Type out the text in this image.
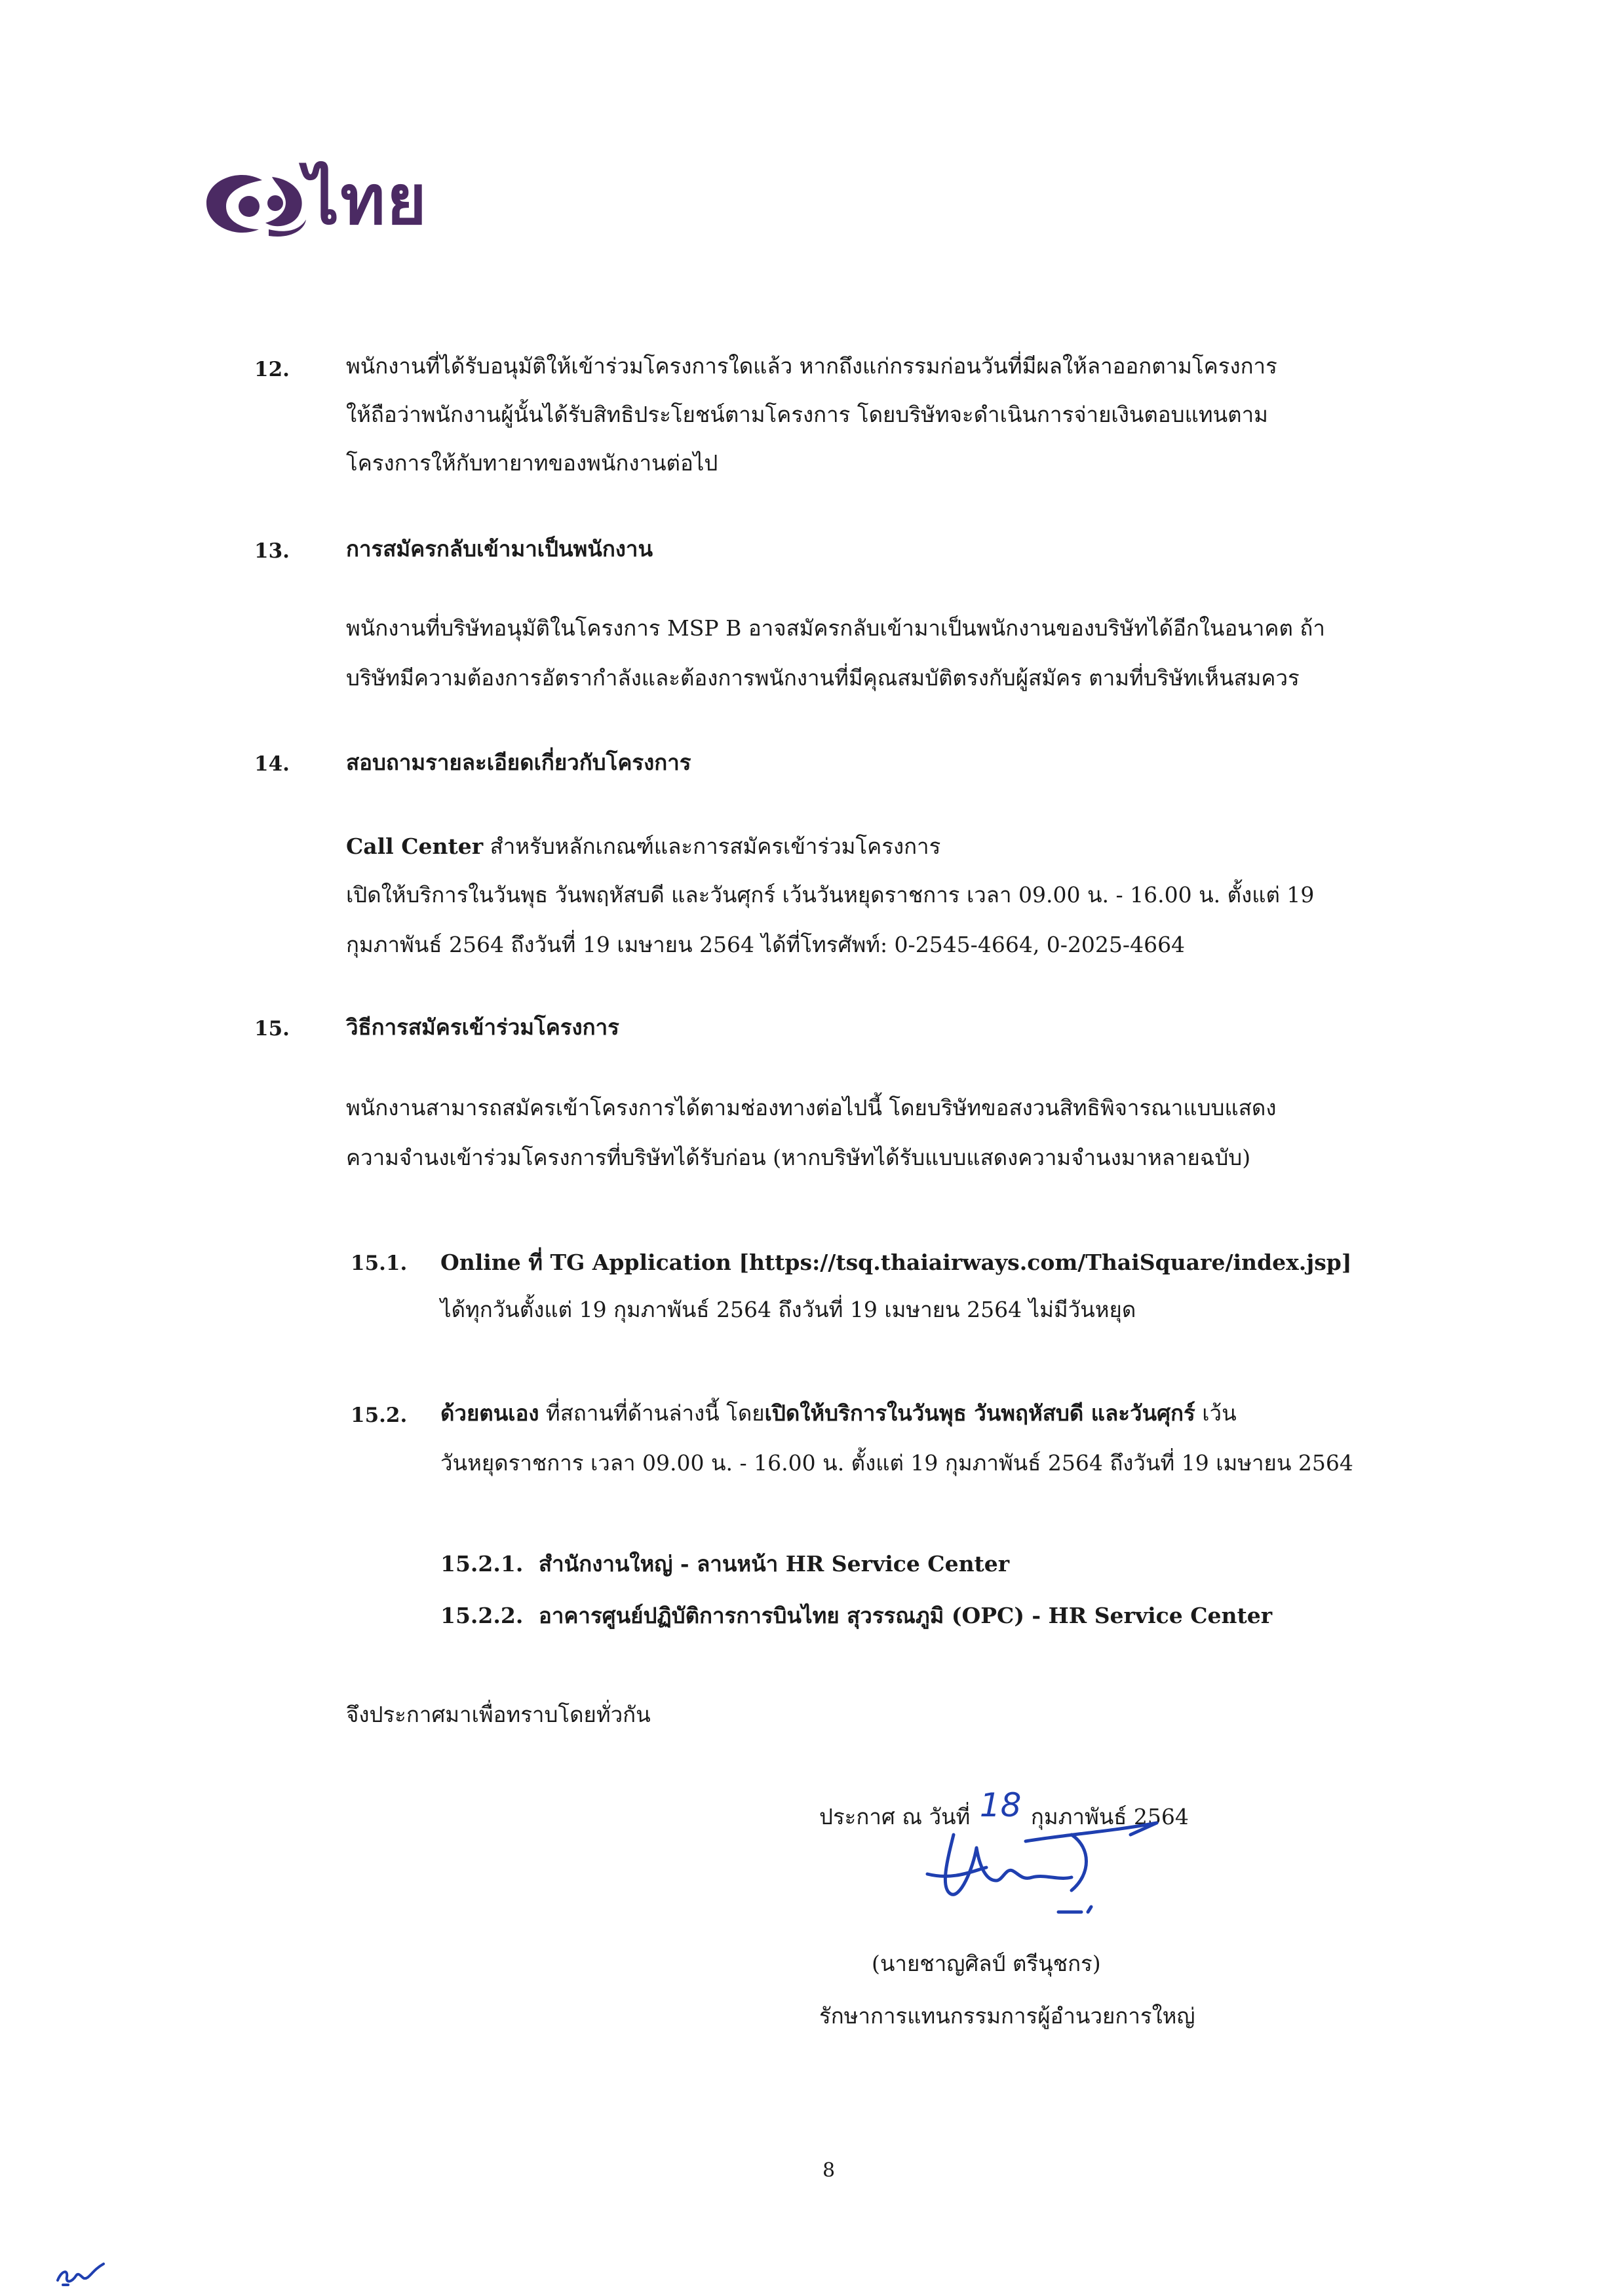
ไทย
12.	พนักงานที่ได้รับอนุมัติให้เข้าร่วมโครงการใดแล้ว หากถึงแก่กรรมก่อนวันที่มีผลให้ลาออกตามโครงการ
ให้ถือว่าพนักงานผู้นั้นได้รับสิทธิประโยชน์ตามโครงการ โดยบริษัทจะดำเนินการจ่ายเงินตอบแทนตาม
โครงการให้กับทายาทของพนักงานต่อไป
13.	การสมัครกลับเข้ามาเป็นพนักงาน
พนักงานที่บริษัทอนุมัติในโครงการ MSP B อาจสมัครกลับเข้ามาเป็นพนักงานของบริษัทได้อีกในอนาคต ถ้า
บริษัทมีความต้องการอัตรากำลังและต้องการพนักงานที่มีคุณสมบัติตรงกับผู้สมัคร ตามที่บริษัทเห็นสมควร
14.	สอบถามรายละเอียดเกี่ยวกับโครงการ
Call Center สำหรับหลักเกณฑ์และการสมัครเข้าร่วมโครงการ
เปิดให้บริการในวันพุธ วันพฤหัสบดี และวันศุกร์ เว้นวันหยุดราชการ เวลา 09.00 น. - 16.00 น. ตั้งแต่ 19
กุมภาพันธ์ 2564 ถึงวันที่ 19 เมษายน 2564 ได้ที่โทรศัพท์: 0-2545-4664, 0-2025-4664
15.	วิธีการสมัครเข้าร่วมโครงการ
พนักงานสามารถสมัครเข้าโครงการได้ตามช่องทางต่อไปนี้ โดยบริษัทขอสงวนสิทธิพิจารณาแบบแสดง
ความจำนงเข้าร่วมโครงการที่บริษัทได้รับก่อน (หากบริษัทได้รับแบบแสดงความจำนงมาหลายฉบับ)
15.1. Online ที่ TG Application [https://tsq.thaiairways.com/ThaiSquare/index.jsp]
ได้ทุกวันตั้งแต่ 19 กุมภาพันธ์ 2564 ถึงวันที่ 19 เมษายน 2564 ไม่มีวันหยุด
15.2. ด้วยตนเอง ที่สถานที่ด้านล่างนี้ โดยเปิดให้บริการในวันพุธ วันพฤหัสบดี และวันศุกร์ เว้น
วันหยุดราชการ เวลา 09.00 น. - 16.00 น. ตั้งแต่ 19 กุมภาพันธ์ 2564 ถึงวันที่ 19 เมษายน 2564
15.2.1. สำนักงานใหญ่ - ลานหน้า HR Service Center
15.2.2. อาคารศูนย์ปฏิบัติการการบินไทย สุวรรณภูมิ (OPC) - HR Service Center
จึงประกาศมาเพื่อทราบโดยทั่วกัน
ประกาศ ณ วันที่ 18 กุมภาพันธ์ 2564
(นายชาญศิลป์ ตรีนุชกร)
รักษาการแทนกรรมการผู้อำนวยการใหญ่
8
